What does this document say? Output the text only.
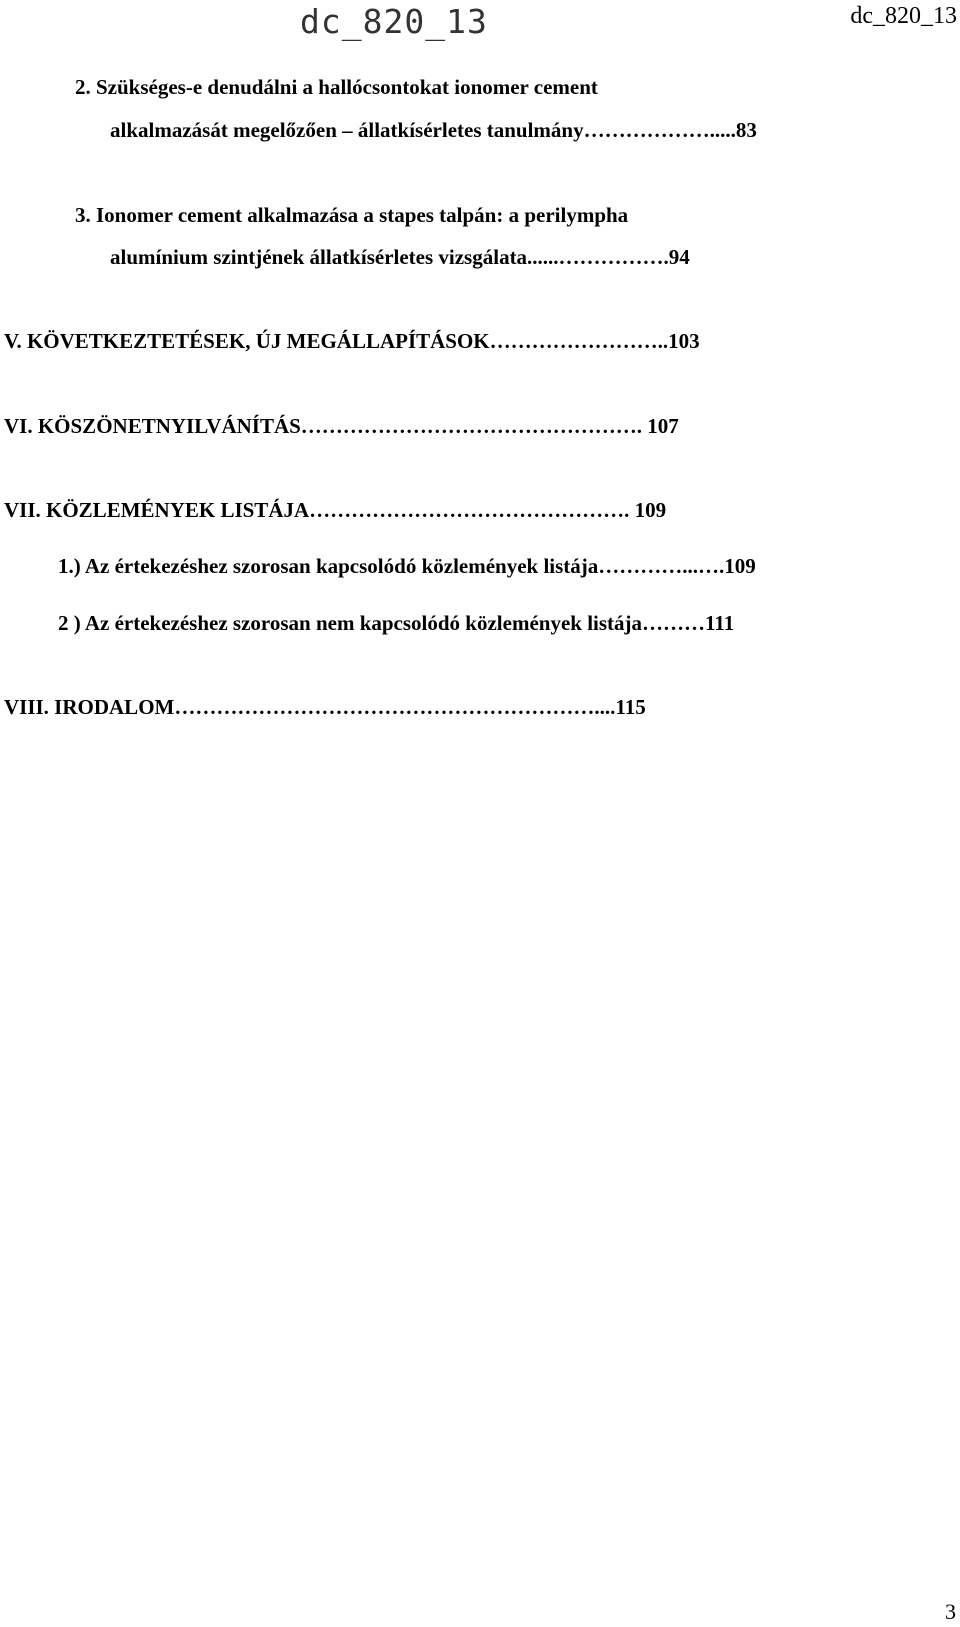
dc_820_13	dc_820_13
2. Szükséges-e denudálni a hallócsontokat ionomer cement
alkalmazását megelőzően – állatkísérletes tanulmány……………….....83
3. Ionomer cement alkalmazása a stapes talpán: a perilympha
alumínium szintjének állatkísérletes vizsgálata......…………….94
V. KÖVETKEZTETÉSEK, ÚJ MEGÁLLAPÍTÁSOK……………………..103
VI. KÖSZÖNETNYILVÁNÍTÁS…………………………………………. 107
VII. KÖZLEMÉNYEK LISTÁJA………………………………………. 109
1.) Az értekezéshez szorosan kapcsolódó közlemények listája…………...….109
2 ) Az értekezéshez szorosan nem kapcsolódó közlemények listája………111
VIII. IRODALOM……………………………………………………....115
3
